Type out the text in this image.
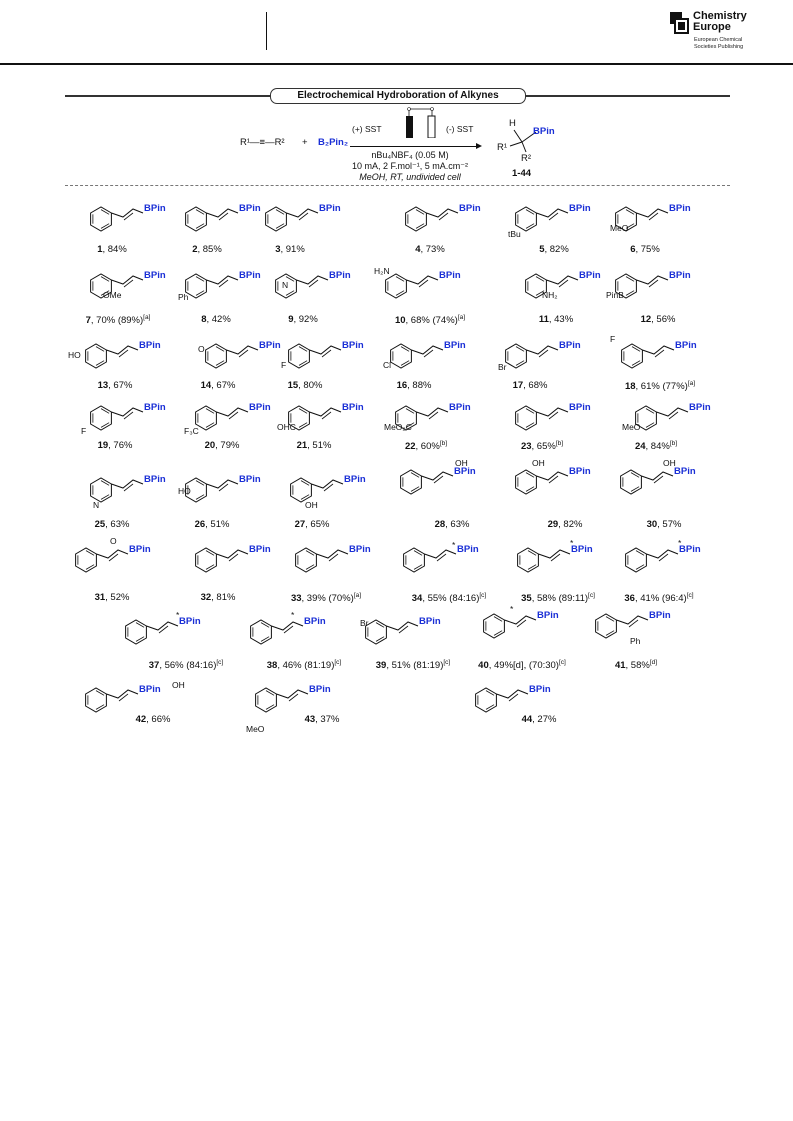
Chemistry
Europe
European Chemical
Societies Publishing
Electrochemical Hydroboration of Alkynes
R¹—≡—R² + B₂Pin₂
(+) SST	(-) SST
nBu₄NBF₄ (0.05 M)
10 mA, 2 F.mol⁻¹, 5 mA.cm⁻²
MeOH, RT, undivided cell
H
BPin
R¹
R²
1-44
BPin
1, 84%
BPin
2, 85%
BPin
3, 91%
BPin
4, 73%
BPin
tBu
5, 82%
BPin
MeO
6, 75%
BPin
OMe
7, 70% (89%)[a]
BPin
Ph
8, 42%
BPin
N
9, 92%
BPin
H₂N
10, 68% (74%)[a]
BPin
NH₂
11, 43%
BPin
PinB
12, 56%
BPin
HO
13, 67%
BPin
O
14, 67%
BPin
F
15, 80%
BPin
Cl
16, 88%
BPin
Br
17, 68%
BPin
F
18, 61% (77%)[a]
BPin
F
19, 76%
BPin
F₃C
20, 79%
BPin
OHC
21, 51%
BPin
MeO₂C
22, 60%[b]
BPin
23, 65%[b]
BPin
MeO
24, 84%[b]
BPin
N
25, 63%
BPin
HO
26, 51%
BPin
OH
27, 65%
BPin
OH
28, 63%
BPin
OH
29, 82%
BPin
OH
30, 57%
BPin
O
31, 52%
BPin
32, 81%
BPin
33, 39% (70%)[a]
BPin
*
34, 55% (84:16)[c]
BPin
*
35, 58% (89:11)[c]
BPin
*
36, 41% (96:4)[c]
BPin
*
37, 56% (84:16)[c]
BPin
*
38, 46% (81:19)[c]
BPin
Br
39, 51% (81:19)[c]
BPin
*
40, 49%[d], (70:30)[c]
BPin
Ph
41, 58%[d]
BPin OH
42, 66%
BPin
MeO
43, 37%
BPin
44, 27%
